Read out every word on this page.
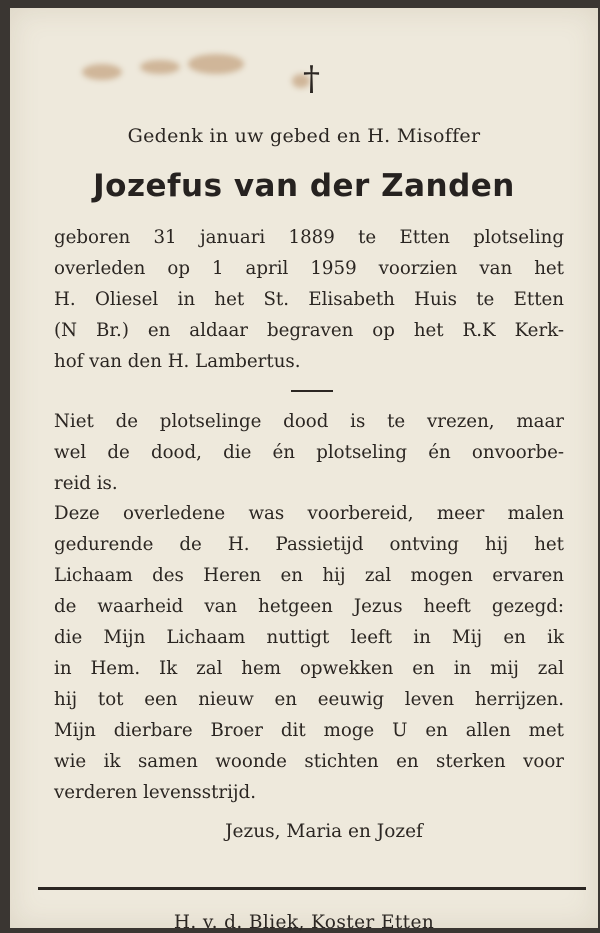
†
Gedenk in uw gebed en H. Misoffer
Jozefus van der Zanden
geboren 31 januari 1889 te Etten plotseling
overleden op 1 april 1959 voorzien van het
H. Oliesel in het St. Elisabeth Huis te Etten
(N Br.) en aldaar begraven op het R.K Kerk-
hof van den H. Lambertus.
Niet de plotselinge dood is te vrezen, maar
wel de dood, die én plotseling én onvoorbe-
reid is.
Deze overledene was voorbereid, meer malen
gedurende de H. Passietijd ontving hij het
Lichaam des Heren en hij zal mogen ervaren
de waarheid van hetgeen Jezus heeft gezegd:
die Mijn Lichaam nuttigt leeft in Mij en ik
in Hem. Ik zal hem opwekken en in mij zal
hij tot een nieuw en eeuwig leven herrijzen.
Mijn dierbare Broer dit moge U en allen met
wie ik samen woonde stichten en sterken voor
verderen levensstrijd.
Jezus, Maria en Jozef
H. v. d. Bliek, Koster Etten
